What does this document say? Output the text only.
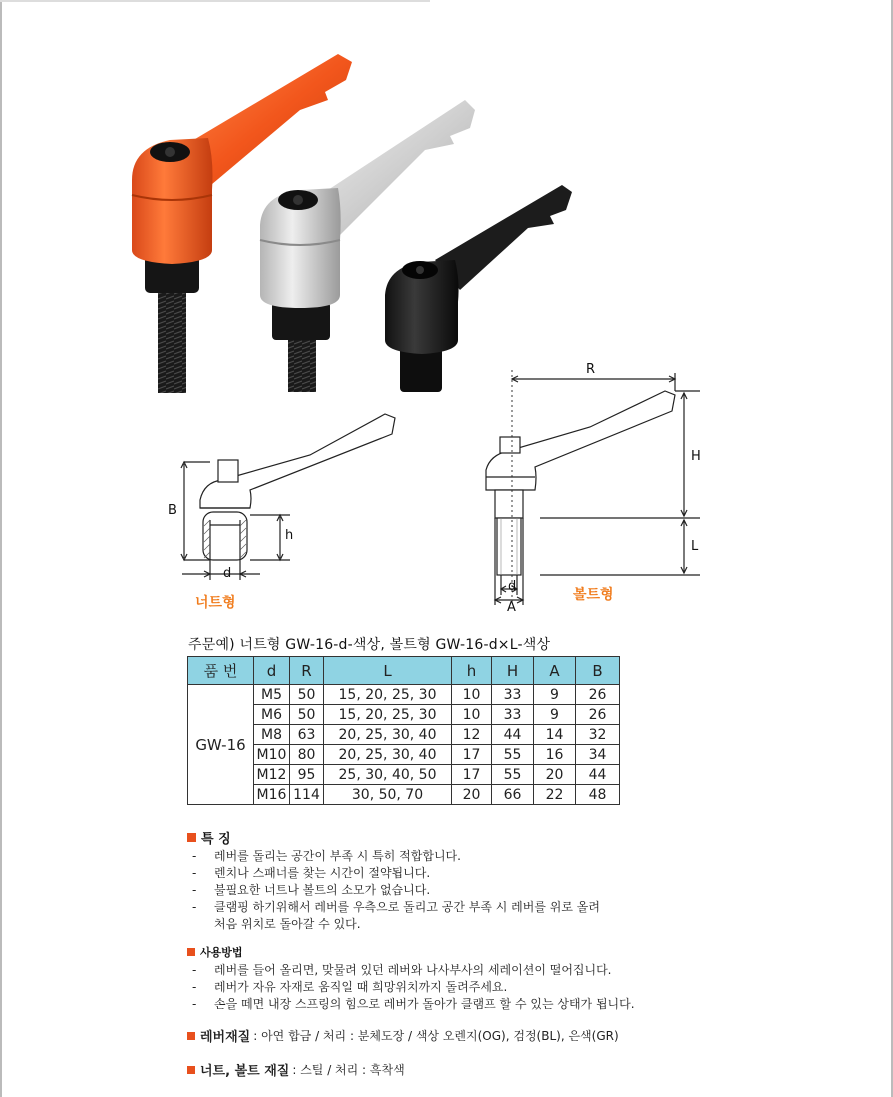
B
h
d
너트형
R
H
L
d
A
볼트형
주문예) 너트형 GW-16-d-색상, 볼트형 GW-16-d×L-색상
품 번	d	R	L	h	H	A	B
GW-16	M5	50	15, 20, 25, 30	10	33	9	26
	M6	50	15, 20, 25, 30	10	33	9	26
	M8	63	20, 25, 30, 40	12	44	14	32
	M10	80	20, 25, 30, 40	17	55	16	34
	M12	95	25, 30, 40, 50	17	55	20	44
	M16	114	30, 50, 70	20	66	22	48
특 징
- 레버를 돌리는 공간이 부족 시 특히 적합합니다.
- 렌치나 스패너를 찾는 시간이 절약됩니다.
- 불필요한 너트나 볼트의 소모가 없습니다.
- 클램핑 하기위해서 레버를 우측으로 돌리고 공간 부족 시 레버를 위로 올려
처음 위치로 돌아갈 수 있다.
사용방법
- 레버를 들어 올리면, 맞물려 있던 레버와 나사부사의 세레이션이 떨어집니다.
- 레버가 자유 자재로 움직일 때 희망위치까지 돌려주세요.
- 손을 떼면 내장 스프링의 힘으로 레버가 돌아가 클램프 할 수 있는 상태가 됩니다.
레버재질 : 아연 합금 / 처리 : 분체도장 / 색상 오렌지(OG), 검정(BL), 은색(GR)
너트, 볼트 재질 : 스틸 / 처리 : 흑착색
